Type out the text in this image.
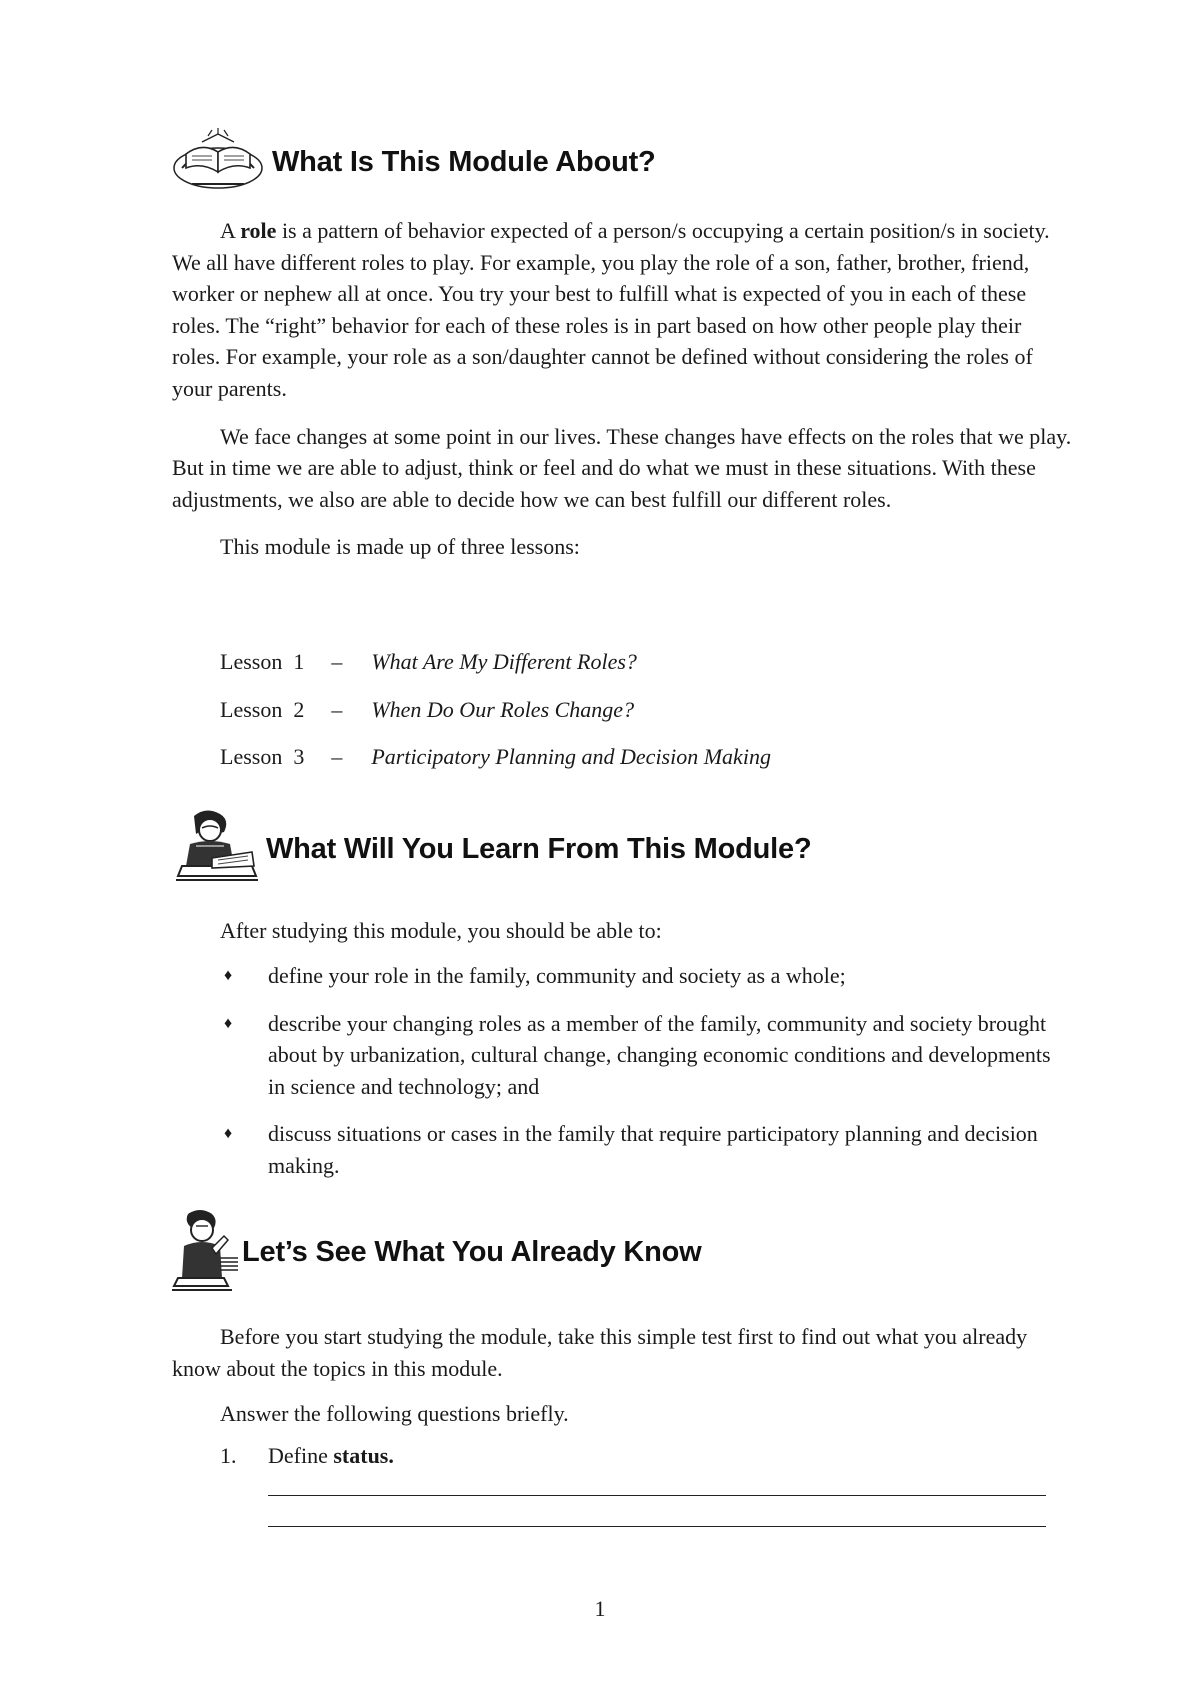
What Is This Module About?

A role is a pattern of behavior expected of a person/s occupying a certain position/s in society. We all have different roles to play. For example, you play the role of a son, father, brother, friend, worker or nephew all at once. You try your best to fulfill what is expected of you in each of these roles. The “right” behavior for each of these roles is in part based on how other people play their roles. For example, your role as a son/daughter cannot be defined without considering the roles of your parents.

We face changes at some point in our lives. These changes have effects on the roles that we play. But in time we are able to adjust, think or feel and do what we must in these situations. With these adjustments, we also are able to decide how we can best fulfill our different roles.

This module is made up of three lessons:

Lesson 1 – What Are My Different Roles?
Lesson 2 – When Do Our Roles Change?
Lesson 3 – Participatory Planning and Decision Making
What Will You Learn From This Module?
After studying this module, you should be able to:
♦ define your role in the family, community and society as a whole;
♦ describe your changing roles as a member of the family, community and society brought about by urbanization, cultural change, changing economic conditions and developments in science and technology; and
♦ discuss situations or cases in the family that require participatory planning and decision making.
Let’s See What You Already Know

Before you start studying the module, take this simple test first to find out what you already know about the topics in this module.

Answer the following questions briefly.
1. Define status.
1
